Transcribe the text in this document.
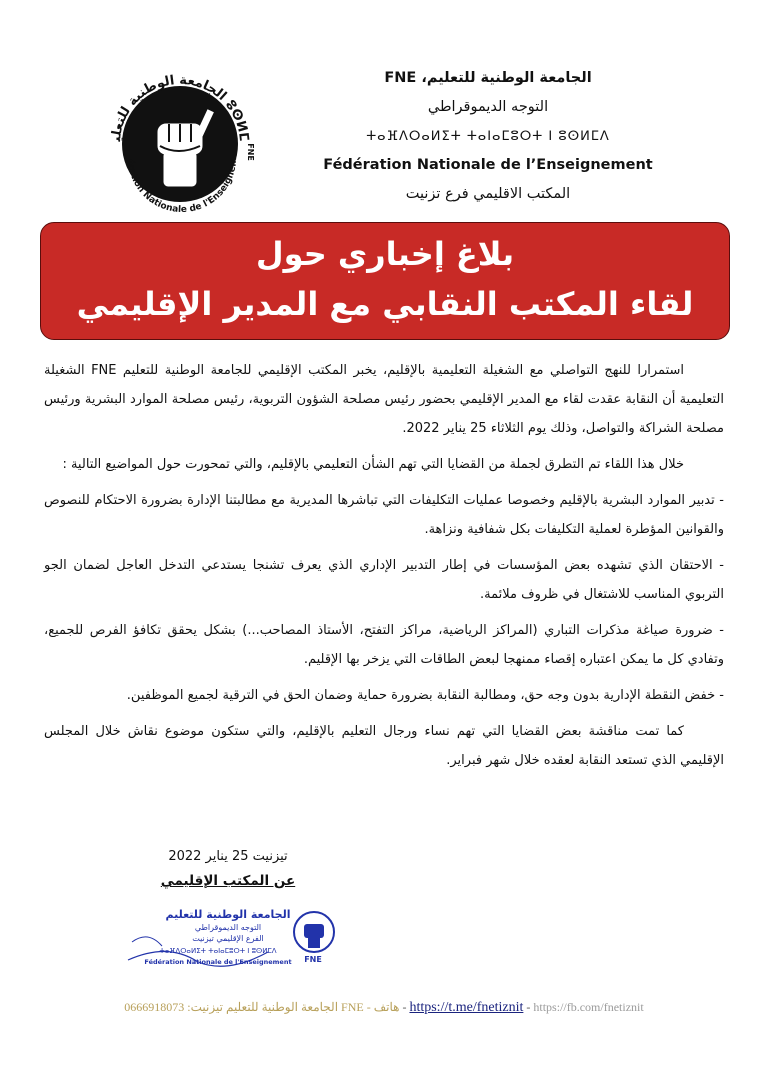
الجامعة الوطنية للتعلي ⵓⵙⵍⵎ
ération Nationale de l'Enseignem
FNE
الجامعة الوطنية للتعليم، FNE
التوجه الديموقراطي
ⵜⴰⴼⴷⵔⴰⵍⵉⵜ ⵜⴰⵏⴰⵎⵓⵔⵜ ⵏ ⵓⵙⵍⵎⴷ
Fédération Nationale de l’Enseignement
المكتب الاقليمي فرع تزنيت
بلاغ إخباري حول
لقاء المكتب النقابي مع المدير الإقليمي

استمرارا للنهج التواصلي مع الشغيلة التعليمية بالإقليم، يخبر المكتب الإقليمي للجامعة الوطنية للتعليم FNE الشغيلة التعليمية أن النقابة عقدت لقاء مع المدير الإقليمي بحضور رئيس مصلحة الشؤون التربوية، رئيس مصلحة الموارد البشرية ورئيس مصلحة الشراكة والتواصل، وذلك يوم الثلاثاء 25 يناير 2022.

خلال هذا اللقاء تم التطرق لجملة من القضايا التي تهم الشأن التعليمي بالإقليم، والتي تمحورت حول المواضيع التالية :

- تدبير الموارد البشرية بالإقليم وخصوصا عمليات التكليفات التي تباشرها المديرية مع مطالبتنا الإدارة بضرورة الاحتكام للنصوص والقوانين المؤطرة لعملية التكليفات بكل شفافية ونزاهة.

- الاحتقان الذي تشهده بعض المؤسسات في إطار التدبير الإداري الذي يعرف تشنجا يستدعي التدخل العاجل لضمان الجو التربوي المناسب للاشتغال في ظروف ملائمة.

- ضرورة صياغة مذكرات التباري (المراكز الرياضية، مراكز التفتح، الأستاذ المصاحب...) بشكل يحقق تكافؤ الفرص للجميع، وتفادي كل ما يمكن اعتباره إقصاء ممنهجا لبعض الطاقات التي يزخر بها الإقليم.

- خفض النقطة الإدارية بدون وجه حق، ومطالبة النقابة بضرورة حماية وضمان الحق في الترقية لجميع الموظفين.

كما تمت مناقشة بعض القضايا التي تهم نساء ورجال التعليم بالإقليم، والتي ستكون موضوع نقاش خلال المجلس الإقليمي الذي تستعد النقابة لعقده خلال شهر فبراير.

تيزنيت 25 يناير 2022
عن المكتب الإقليمي
الجامعة الوطنية للتعليم
التوجه الديموقراطي
الفرع الإقليمي تيزنيت
ⵜⴰⴼⴷⵔⴰⵍⵉⵜ ⵜⴰⵏⴰⵎⵓⵔⵜ ⵏ ⵓⵙⵍⵎⴷ
Fédération Nationale de l'Enseignement FNE
0666918073 :الجامعة الوطنية للتعليم تيزنيت FNE - هاتف - https://t.me/fnetiznit - https://fb.com/fnetiznit
